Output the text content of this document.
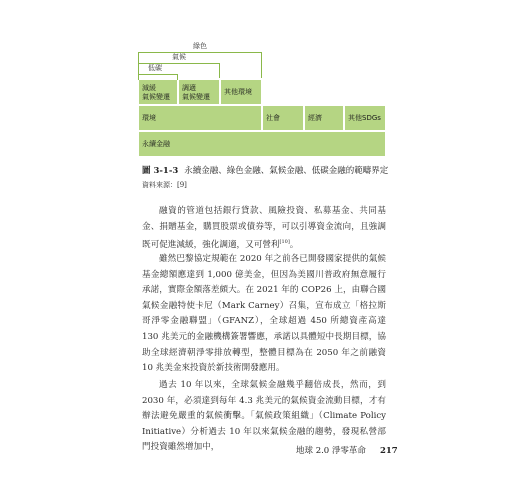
綠色
氣候
低碳
減緩
氣候變遷
調適
氣候變遷
其他環境
環境	社會	經濟	其他SDGs
永續金融
圖 3-1-3 永續金融、綠色金融、氣候金融、低碳金融的範疇界定
資料來源：[9]

融資的管道包括銀行貸款、風險投資、私募基金、共同基金、捐贈基金，購買股票或債券等，可以引導資金流向，且強調既可促進減緩，強化調適，又可營利[10]。

雖然巴黎協定規範在 2020 年之前各已開發國家提供的氣候基金總額應達到 1,000 億美金，但因為美國川普政府無意履行承諾，實際金額落差頗大。在 2021 年的 COP26 上，由聯合國氣候金融特使卡尼（Mark Carney）召集，宣布成立「格拉斯哥淨零金融聯盟」（GFANZ），全球超過 450 所總資產高達 130 兆美元的金融機構簽署響應，承諾以具體短中長期目標，協助全球經濟朝淨零排放轉型，整體目標為在 2050 年之前融資 10 兆美金來投資於新技術開發應用。

過去 10 年以來，全球氣候金融幾乎翻倍成長，然而，到 2030 年，必須達到每年 4.3 兆美元的氣候資金流動目標，才有辦法避免嚴重的氣候衝擊。「氣候政策組織」（Climate Policy Initiative）分析過去 10 年以來氣候金融的趨勢，發現私營部門投資雖然增加中，	地球 2.0 淨零革命 217
